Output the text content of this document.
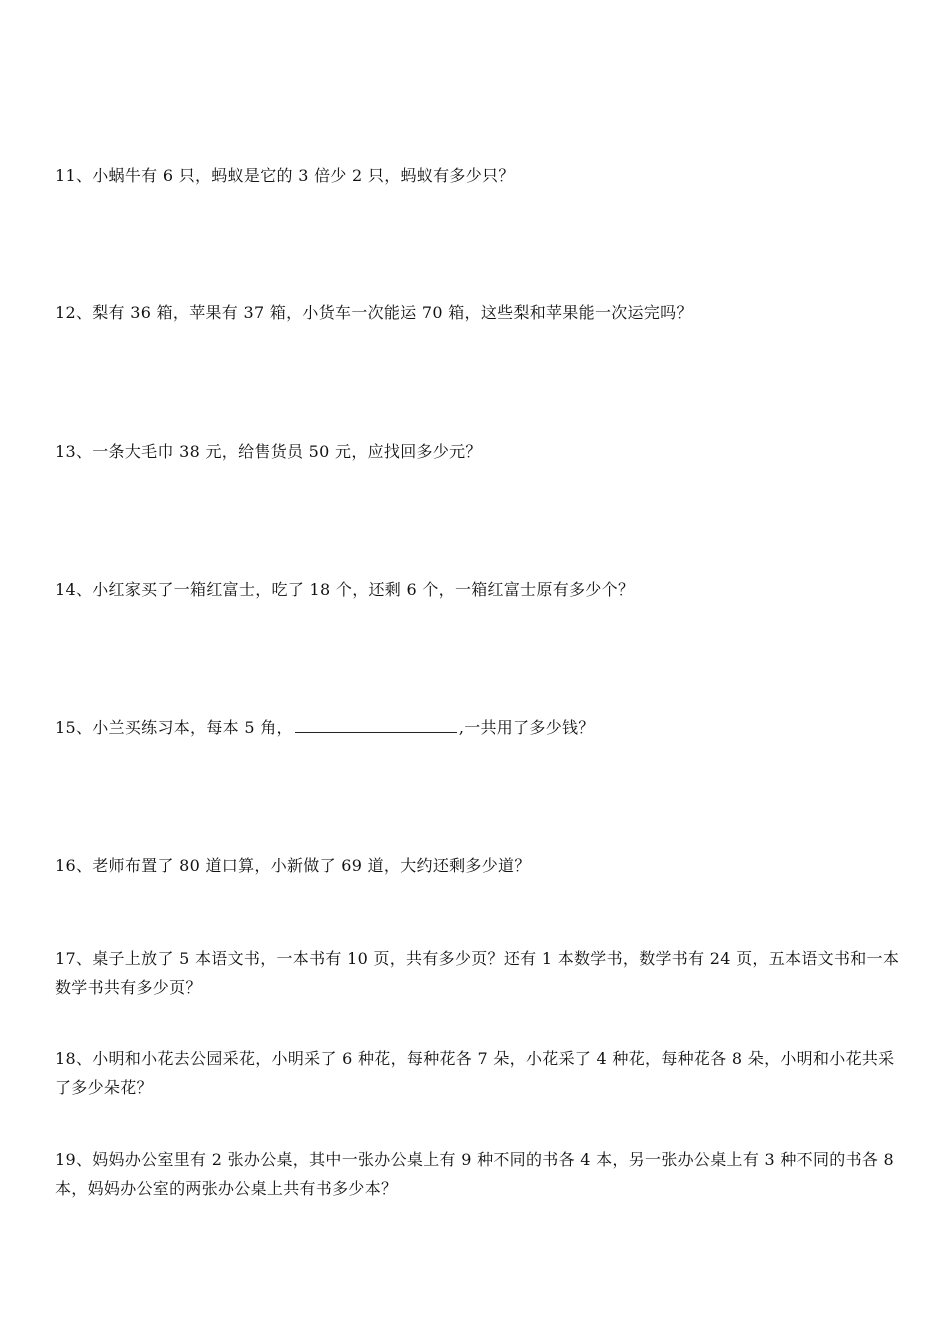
11、小蜗牛有 6 只，蚂蚁是它的 3 倍少 2 只，蚂蚁有多少只？
12、梨有 36 箱，苹果有 37 箱，小货车一次能运 70 箱，这些梨和苹果能一次运完吗？
13、一条大毛巾 38 元，给售货员 50 元，应找回多少元？
14、小红家买了一箱红富士，吃了 18 个，还剩 6 个，一箱红富士原有多少个？
15、小兰买练习本，每本 5 角，	,一共用了多少钱？
16、老师布置了 80 道口算，小新做了 69 道，大约还剩多少道？
17、桌子上放了 5 本语文书，一本书有 10 页，共有多少页？还有 1 本数学书，数学书有 24 页，五本语文书和一本数学书共有多少页？
18、小明和小花去公园采花，小明采了 6 种花，每种花各 7 朵，小花采了 4 种花，每种花各 8 朵，小明和小花共采了多少朵花？
19、妈妈办公室里有 2 张办公桌，其中一张办公桌上有 9 种不同的书各 4 本，另一张办公桌上有 3 种不同的书各 8 本，妈妈办公室的两张办公桌上共有书多少本？
